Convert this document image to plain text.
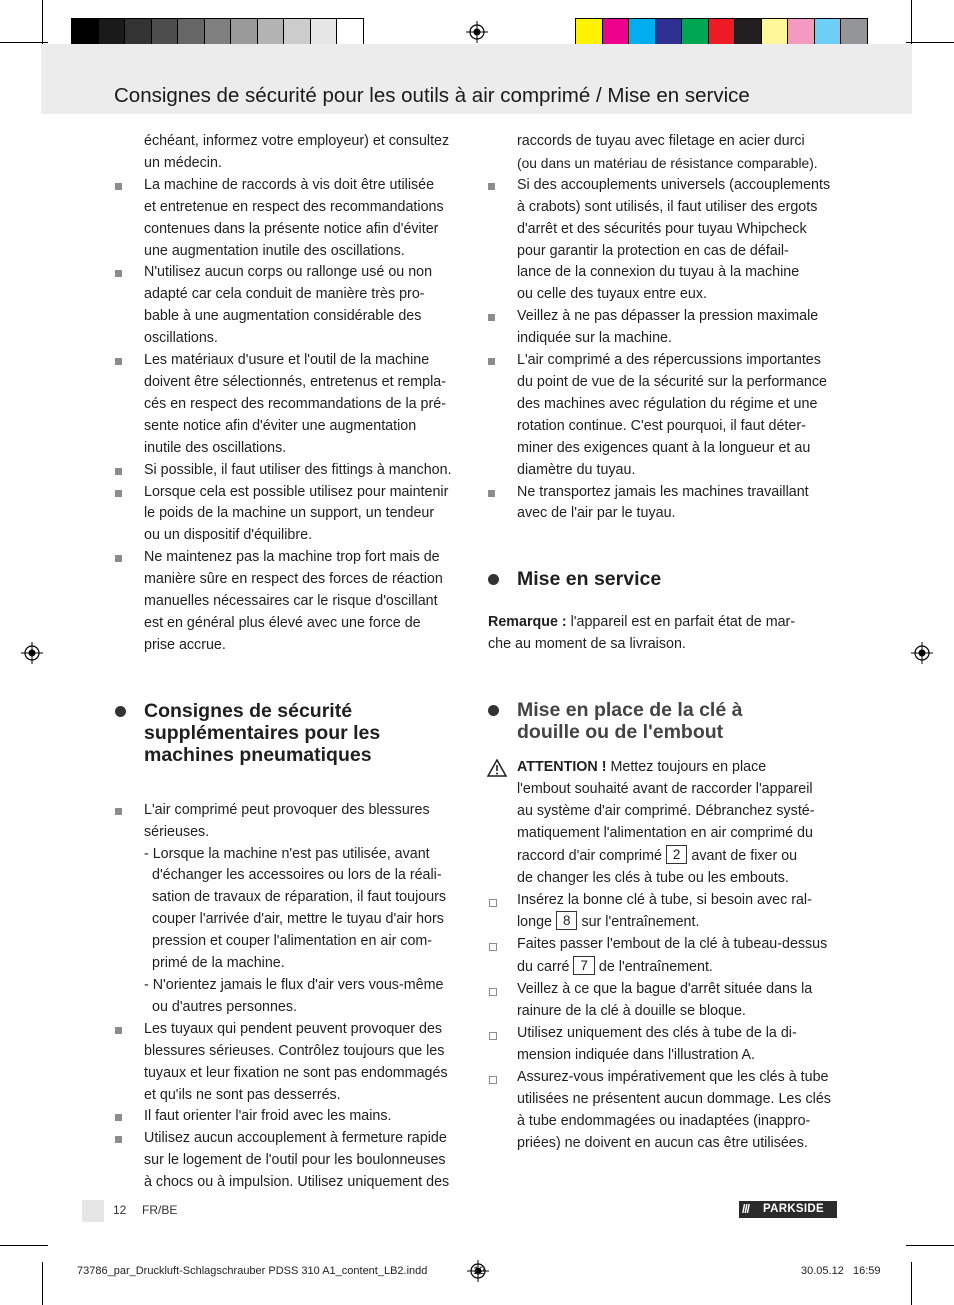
Consignes de sécurité pour les outils à air comprimé / Mise en service
échéant, informez votre employeur) et consultez
un médecin.
La machine de raccords à vis doit être utilisée
et entretenue en respect des recommandations
contenues dans la présente notice afin d'éviter
une augmentation inutile des oscillations.
N'utilisez aucun corps ou rallonge usé ou non
adapté car cela conduit de manière très pro-
bable à une augmentation considérable des
oscillations.
Les matériaux d'usure et l'outil de la machine
doivent être sélectionnés, entretenus et rempla-
cés en respect des recommandations de la pré-
sente notice afin d'éviter une augmentation
inutile des oscillations.
Si possible, il faut utiliser des fittings à manchon.
Lorsque cela est possible utilisez pour maintenir
le poids de la machine un support, un tendeur
ou un dispositif d'équilibre.
Ne maintenez pas la machine trop fort mais de
manière sûre en respect des forces de réaction
manuelles nécessaires car le risque d'oscillant
est en général plus élevé avec une force de
prise accrue.
Consignes de sécurité
supplémentaires pour les
machines pneumatiques
L'air comprimé peut provoquer des blessures
sérieuses.
- Lorsque la machine n'est pas utilisée, avant
d'échanger les accessoires ou lors de la réali-
sation de travaux de réparation, il faut toujours
couper l'arrivée d'air, mettre le tuyau d'air hors
pression et couper l'alimentation en air com-
primé de la machine.
- N'orientez jamais le flux d'air vers vous-même
ou d'autres personnes.
Les tuyaux qui pendent peuvent provoquer des
blessures sérieuses. Contrôlez toujours que les
tuyaux et leur fixation ne sont pas endommagés
et qu'ils ne sont pas desserrés.
Il faut orienter l'air froid avec les mains.
Utilisez aucun accouplement à fermeture rapide
sur le logement de l'outil pour les boulonneuses
à chocs ou à impulsion. Utilisez uniquement des
raccords de tuyau avec filetage en acier durci
(ou dans un matériau de résistance comparable).
Si des accouplements universels (accouplements
à crabots) sont utilisés, il faut utiliser des ergots
d'arrêt et des sécurités pour tuyau Whipcheck
pour garantir la protection en cas de défail-
lance de la connexion du tuyau à la machine
ou celle des tuyaux entre eux.
Veillez à ne pas dépasser la pression maximale
indiquée sur la machine.
L'air comprimé a des répercussions importantes
du point de vue de la sécurité sur la performance
des machines avec régulation du régime et une
rotation continue. C'est pourquoi, il faut déter-
miner des exigences quant à la longueur et au
diamètre du tuyau.
Ne transportez jamais les machines travaillant
avec de l'air par le tuyau.
Mise en service
Remarque : l'appareil est en parfait état de mar-
che au moment de sa livraison.
Mise en place de la clé à
douille ou de l'embout
ATTENTION ! Mettez toujours en place
l'embout souhaité avant de raccorder l'appareil
au système d'air comprimé. Débranchez systé-
matiquement l'alimentation en air comprimé du
raccord d'air comprimé 2 avant de fixer ou
de changer les clés à tube ou les embouts.
Insérez la bonne clé à tube, si besoin avec ral-
longe 8 sur l'entraînement.
Faites passer l'embout de la clé à tubeau-dessus
du carré 7 de l'entraînement.
Veillez à ce que la bague d'arrêt située dans la
rainure de la clé à douille se bloque.
Utilisez uniquement des clés à tube de la di-
mension indiquée dans l'illustration A.
Assurez-vous impérativement que les clés à tube
utilisées ne présentent aucun dommage. Les clés
à tube endommagées ou inadaptées (inappro-
priées) ne doivent en aucun cas être utilisées.
12 FR/BE	PARKSIDE
///
73786_par_Druckluft-Schlagschrauber PDSS 310 A1_content_LB2.indd	12	30.05.12 16:59
